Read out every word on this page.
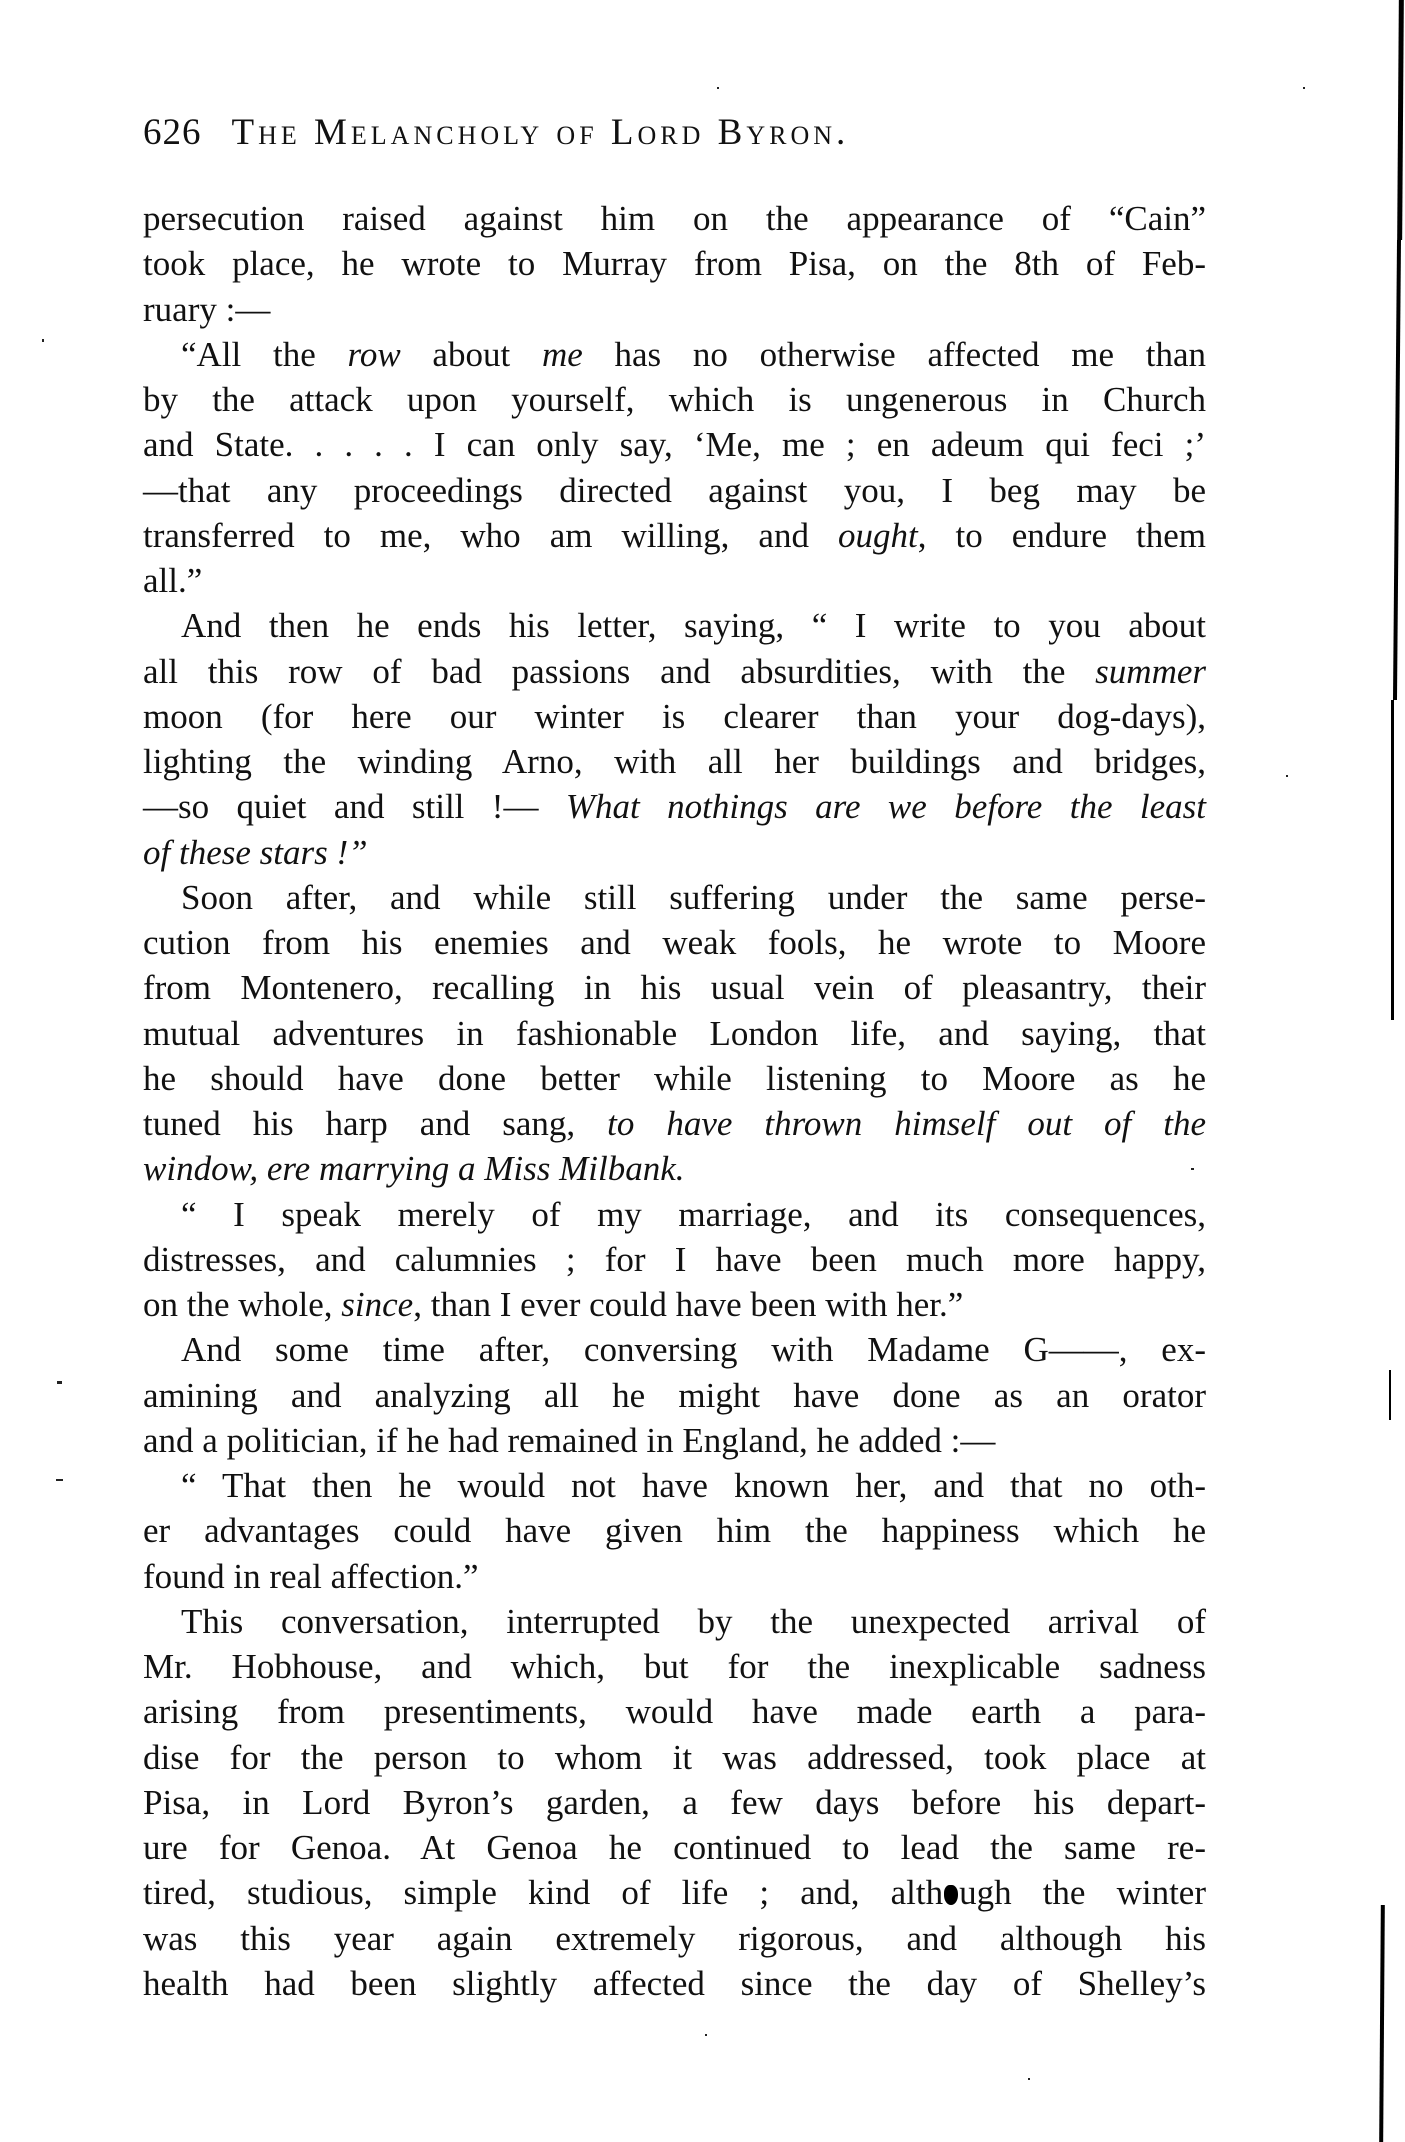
626 The Melancholy of Lord Byron.
persecution raised against him on the appearance of “Cain”
took place, he wrote to Murray from Pisa, on the 8th of Feb-
ruary :—
“All the row about me has no otherwise affected me than
by the attack upon yourself, which is ungenerous in Church
and State. . . . . I can only say, ‘Me, me ; en adeum qui feci ;’
—that any proceedings directed against you, I beg may be
transferred to me, who am willing, and ought, to endure them
all.”
And then he ends his letter, saying, “ I write to you about
all this row of bad passions and absurdities, with the summer
moon (for here our winter is clearer than your dog-days),
lighting the winding Arno, with all her buildings and bridges,
—so quiet and still !— What nothings are we before the least
of these stars !”
Soon after, and while still suffering under the same perse-
cution from his enemies and weak fools, he wrote to Moore
from Montenero, recalling in his usual vein of pleasantry, their
mutual adventures in fashionable London life, and saying, that
he should have done better while listening to Moore as he
tuned his harp and sang, to have thrown himself out of the
window, ere marrying a Miss Milbank.
“ I speak merely of my marriage, and its consequences,
distresses, and calumnies ; for I have been much more happy,
on the whole, since, than I ever could have been with her.”
And some time after, conversing with Madame G——, ex-
amining and analyzing all he might have done as an orator
and a politician, if he had remained in England, he added :—
“ That then he would not have known her, and that no oth-
er advantages could have given him the happiness which he
found in real affection.”
This conversation, interrupted by the unexpected arrival of
Mr. Hobhouse, and which, but for the inexplicable sadness
arising from presentiments, would have made earth a para-
dise for the person to whom it was addressed, took place at
Pisa, in Lord Byron’s garden, a few days before his depart-
ure for Genoa. At Genoa he continued to lead the same re-
tired, studious, simple kind of life ; and, alth ugh the winter
was this year again extremely rigorous, and although his
health had been slightly affected since the day of Shelley’s
